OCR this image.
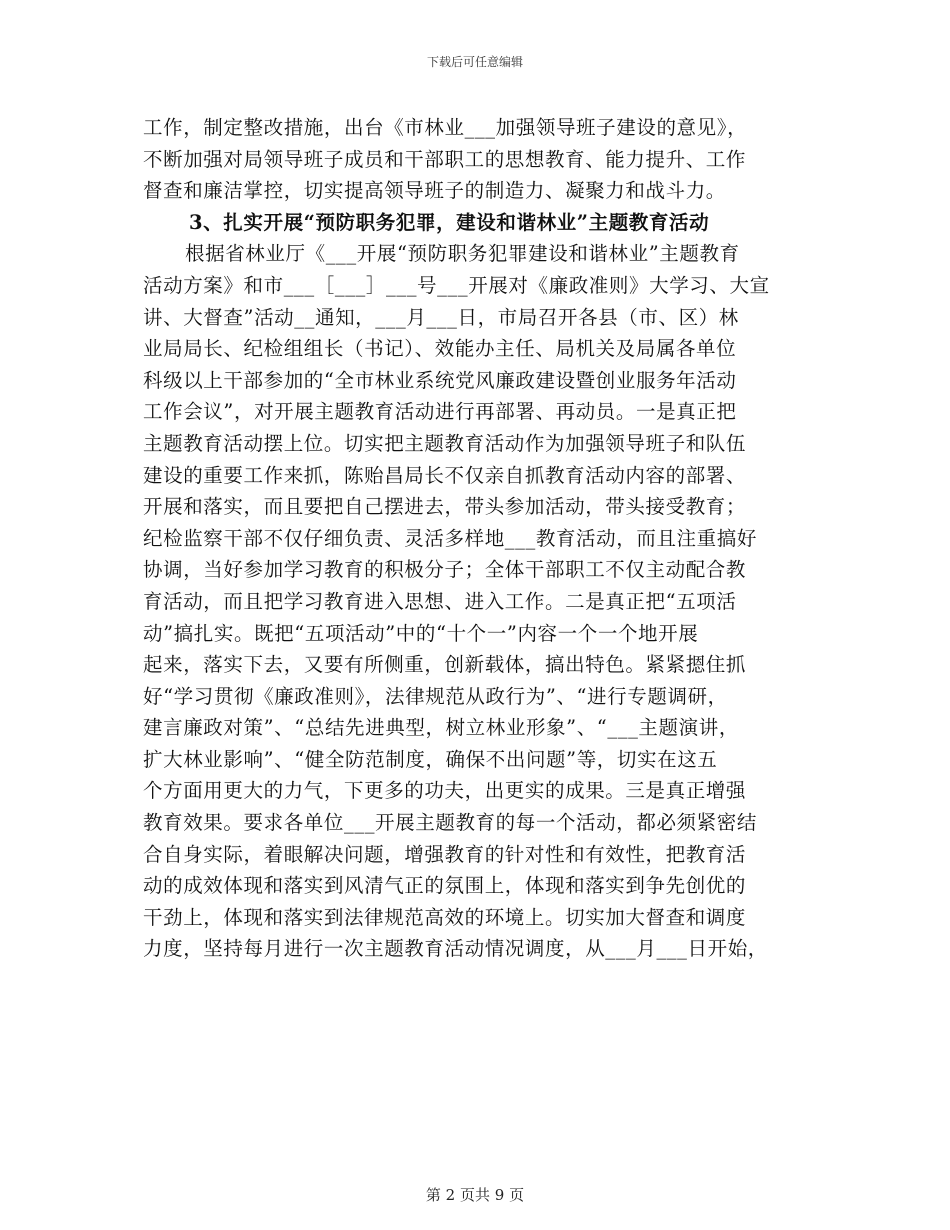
下载后可任意编辑
工作，制定整改措施，出台《市林业___加强领导班子建设的意见》，
不断加强对局领导班子成员和干部职工的思想教育、能力提升、工作
督查和廉洁掌控，切实提高领导班子的制造力、凝聚力和战斗力。
3、扎实开展“预防职务犯罪，建设和谐林业”主题教育活动
根据省林业厅《___开展“预防职务犯罪建设和谐林业”主题教育
活动方案》和市___［___］___号___开展对《廉政准则》大学习、大宣
讲、大督查”活动__通知，___月___日，市局召开各县（市、区）林
业局局长、纪检组组长（书记）、效能办主任、局机关及局属各单位
科级以上干部参加的“全市林业系统党风廉政建设暨创业服务年活动
工作会议”，对开展主题教育活动进行再部署、再动员。一是真正把
主题教育活动摆上位。切实把主题教育活动作为加强领导班子和队伍
建设的重要工作来抓，陈贻昌局长不仅亲自抓教育活动内容的部署、
开展和落实，而且要把自己摆进去，带头参加活动，带头接受教育；
纪检监察干部不仅仔细负责、灵活多样地___教育活动，而且注重搞好
协调，当好参加学习教育的积极分子；全体干部职工不仅主动配合教
育活动，而且把学习教育进入思想、进入工作。二是真正把“五项活
动”搞扎实。既把“五项活动”中的“十个一”内容一个一个地开展
起来，落实下去，又要有所侧重，创新载体，搞出特色。紧紧摁住抓
好“学习贯彻《廉政准则》，法律规范从政行为”、“进行专题调研，
建言廉政对策”、“总结先进典型，树立林业形象”、“___主题演讲，
扩大林业影响”、“健全防范制度，确保不出问题”等，切实在这五
个方面用更大的力气，下更多的功夫，出更实的成果。三是真正增强
教育效果。要求各单位___开展主题教育的每一个活动，都必须紧密结
合自身实际，着眼解决问题，增强教育的针对性和有效性，把教育活
动的成效体现和落实到风清气正的氛围上，体现和落实到争先创优的
干劲上，体现和落实到法律规范高效的环境上。切实加大督查和调度
力度，坚持每月进行一次主题教育活动情况调度，从___月___日开始，
第 2 页共 9 页
